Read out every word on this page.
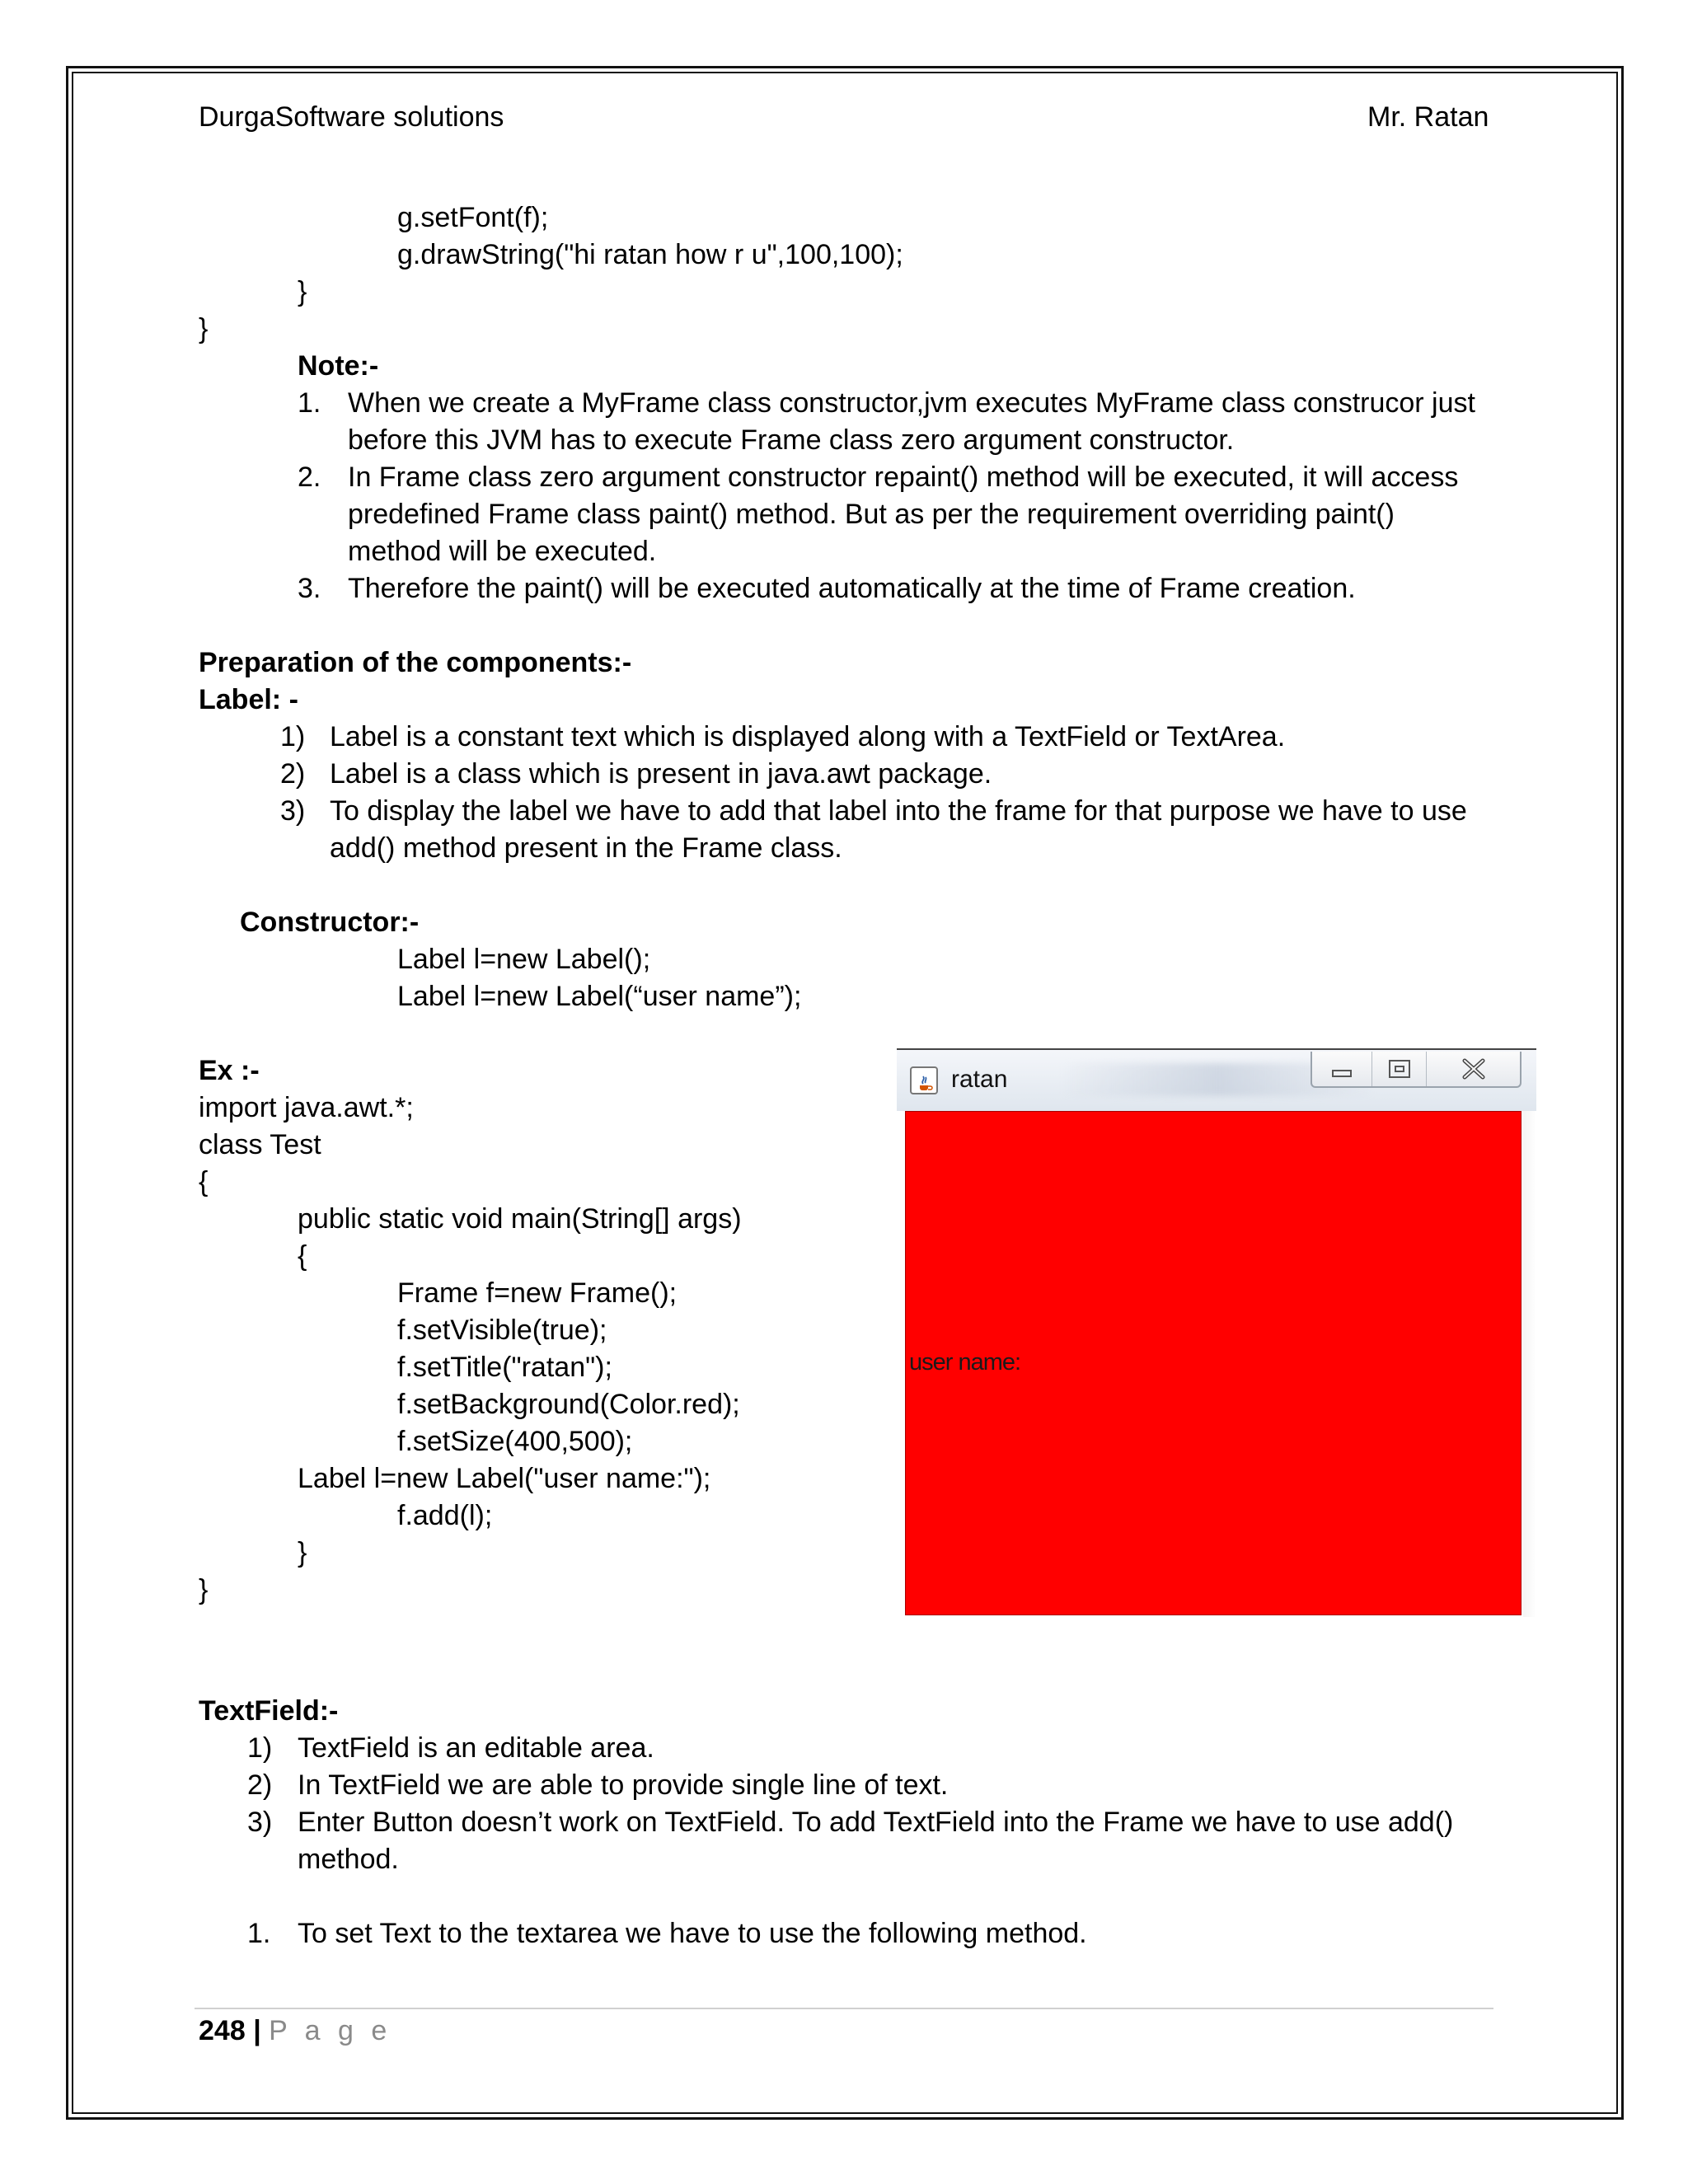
DurgaSoftware solutions	Mr. Ratan
g.setFont(f);
g.drawString("hi ratan how r u",100,100);
}
}
Note:-
1. When we create a MyFrame class constructor,jvm executes MyFrame class construcor just
before this JVM has to execute Frame class zero argument constructor.
2. In Frame class zero argument constructor repaint() method will be executed, it will access
predefined Frame class paint() method. But as per the requirement overriding paint()
method will be executed.
3. Therefore the paint() will be executed automatically at the time of Frame creation.
Preparation of the components:-
Label: -
1) Label is a constant text which is displayed along with a TextField or TextArea.
2) Label is a class which is present in java.awt package.
3) To display the label we have to add that label into the frame for that purpose we have to use
add() method present in the Frame class.
Constructor:-
Label l=new Label();
Label l=new Label(“user name”);
Ex :-
import java.awt.*;
class Test
{
public static void main(String[] args)
{
Frame f=new Frame();
f.setVisible(true);
f.setTitle("ratan");
f.setBackground(Color.red);
f.setSize(400,500);
Label l=new Label("user name:");
f.add(l);
}
}
ratan
user name:
TextField:-
1) TextField is an editable area.
2) In TextField we are able to provide single line of text.
3) Enter Button doesn’t work on TextField. To add TextField into the Frame we have to use add()
method.
1. To set Text to the textarea we have to use the following method.
248 | P a g e
